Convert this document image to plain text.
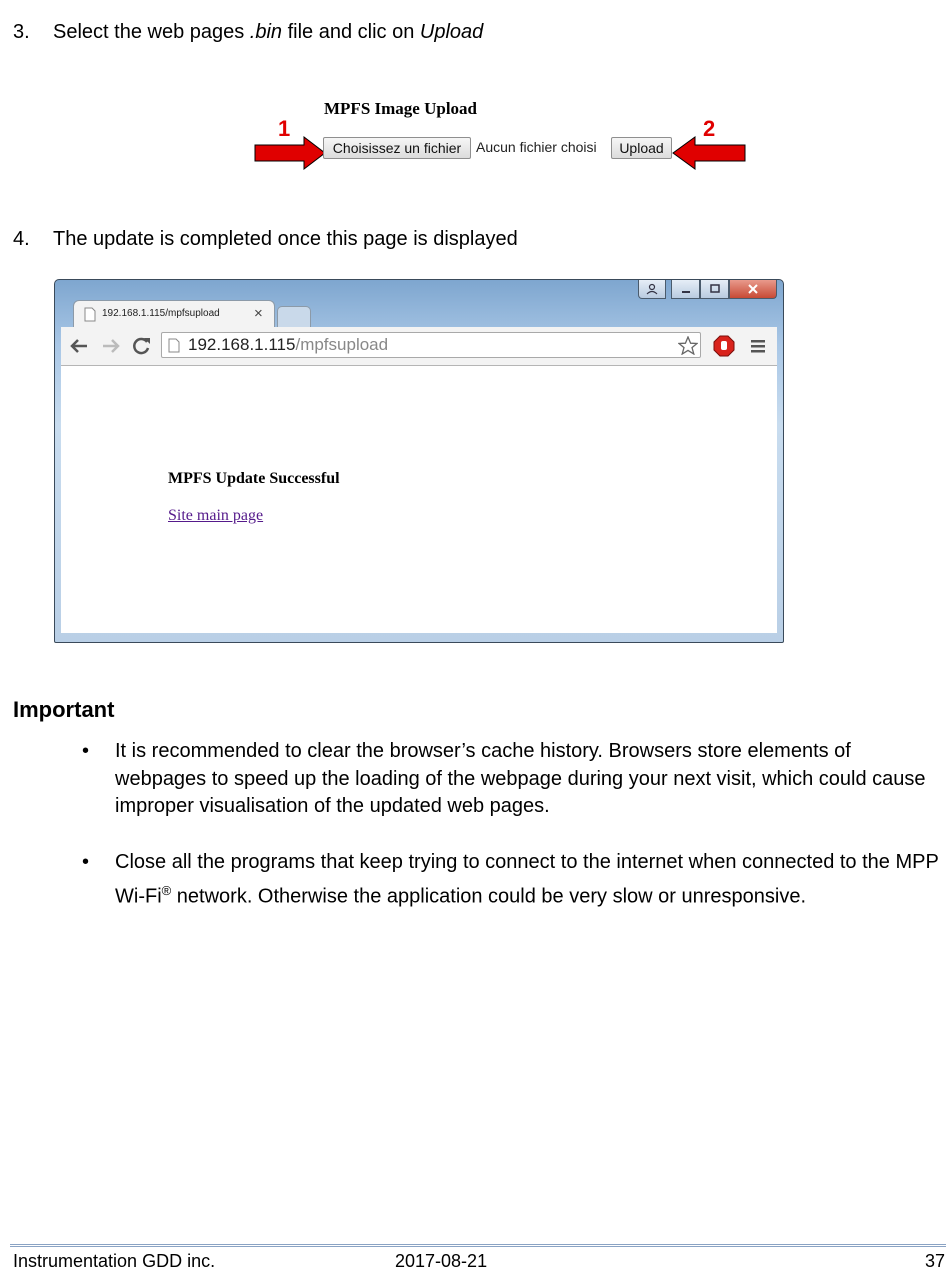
3. Select the web pages .bin file and clic on Upload
MPFS Image Upload
1	2
Choisissez un fichier	Aucun fichier choisi	Upload
4. The update is completed once this page is displayed
192.168.1.115/mpfsupload ×
192.168.1.115/mpfsupload
MPFS Update Successful
Site main page
Important
• It is recommended to clear the browser’s cache history. Browsers store elements of webpages to speed up the loading of the webpage during your next visit, which could cause improper visualisation of the updated web pages.
• Close all the programs that keep trying to connect to the internet when connected to the MPP Wi-Fi® network. Otherwise the application could be very slow or unresponsive.
Instrumentation GDD inc.	2017-08-21	37
